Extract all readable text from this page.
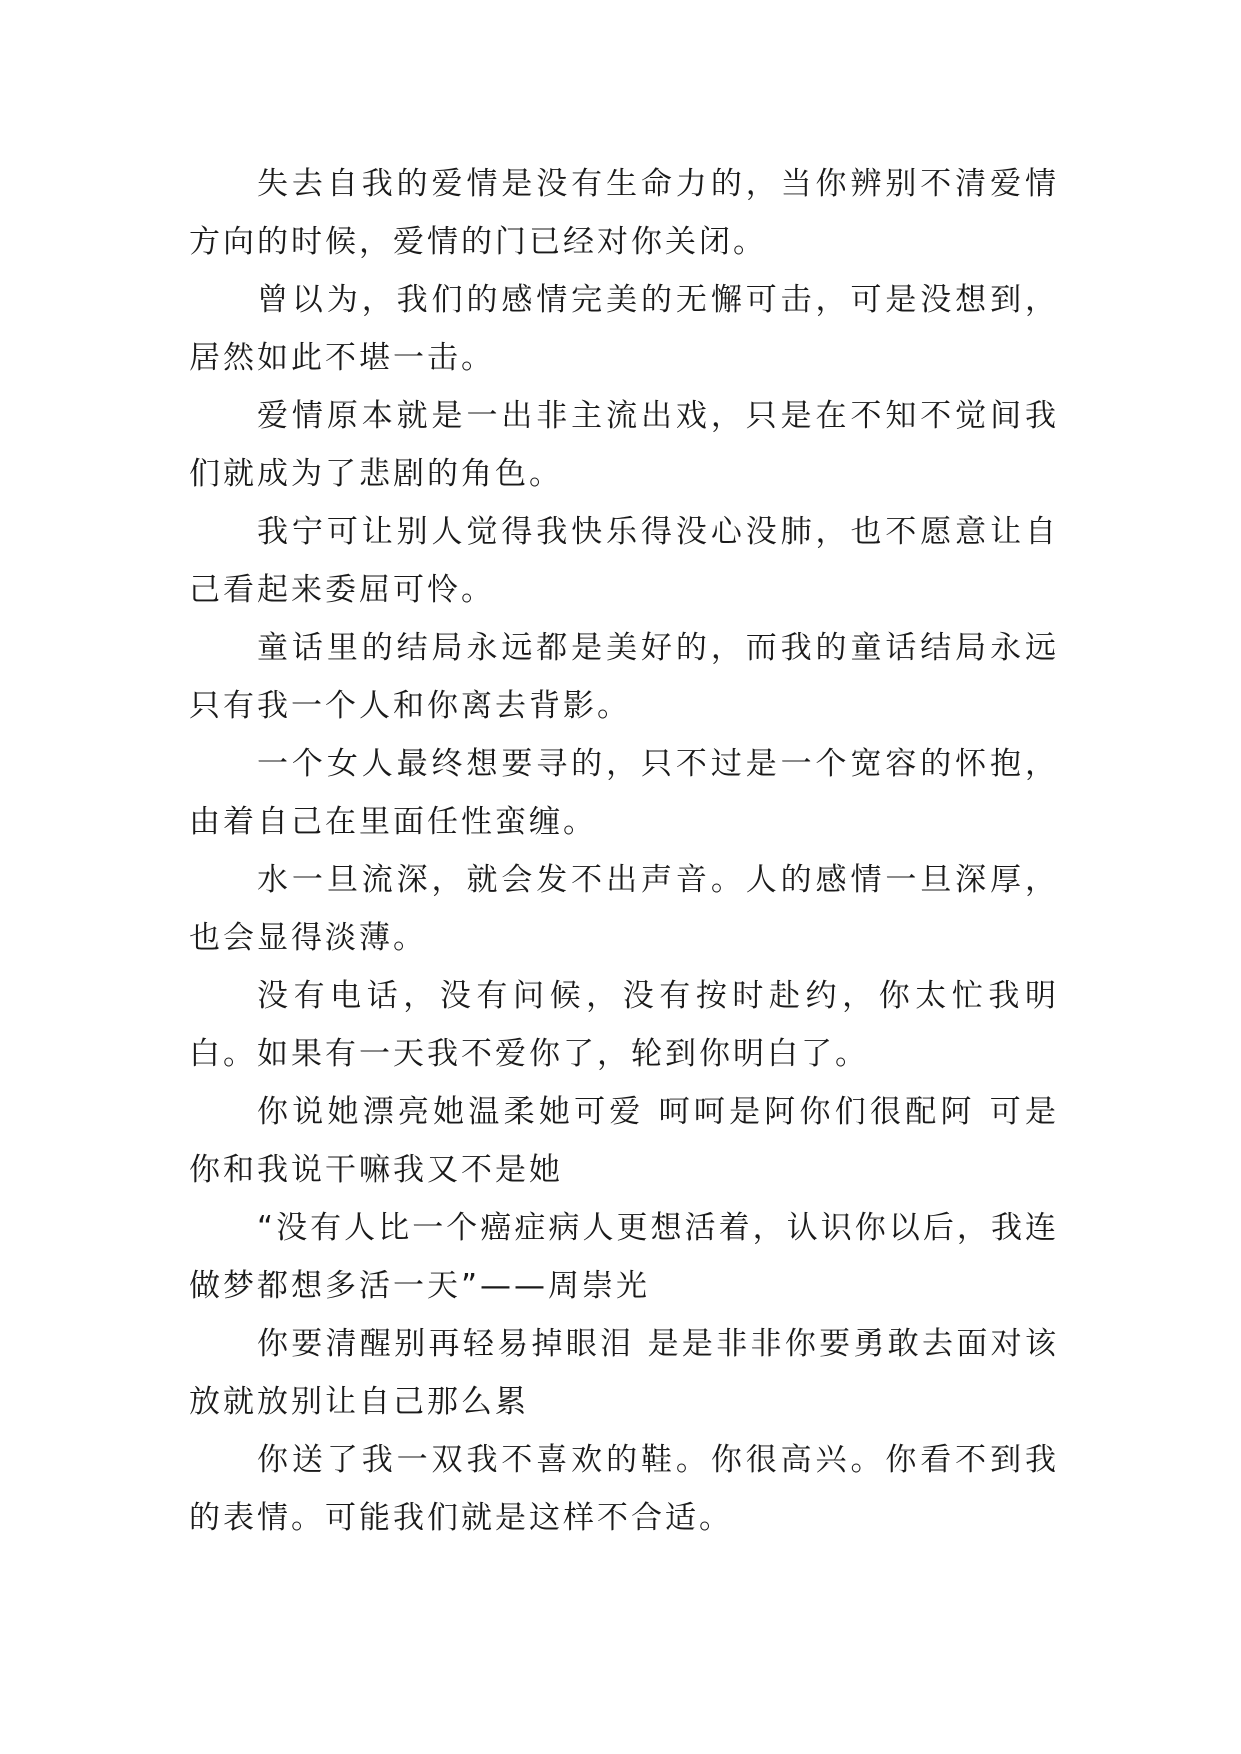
失去自我的爱情是没有生命力的，当你辨别不清爱情方向的时候，爱情的门已经对你关闭。

曾以为，我们的感情完美的无懈可击，可是没想到，居然如此不堪一击。

爱情原本就是一出非主流出戏，只是在不知不觉间我们就成为了悲剧的角色。

我宁可让别人觉得我快乐得没心没肺，也不愿意让自己看起来委屈可怜。

童话里的结局永远都是美好的，而我的童话结局永远只有我一个人和你离去背影。

一个女人最终想要寻的，只不过是一个宽容的怀抱，由着自己在里面任性蛮缠。

水一旦流深，就会发不出声音。人的感情一旦深厚，也会显得淡薄。

没有电话，没有问候，没有按时赴约，你太忙我明白。如果有一天我不爱你了，轮到你明白了。

你说她漂亮她温柔她可爱 呵呵是阿你们很配阿 可是你和我说干嘛我又不是她

“没有人比一个癌症病人更想活着，认识你以后，我连做梦都想多活一天”——周崇光

你要清醒别再轻易掉眼泪 是是非非你要勇敢去面对该放就放别让自己那么累

你送了我一双我不喜欢的鞋。你很高兴。你看不到我的表情。可能我们就是这样不合适。
